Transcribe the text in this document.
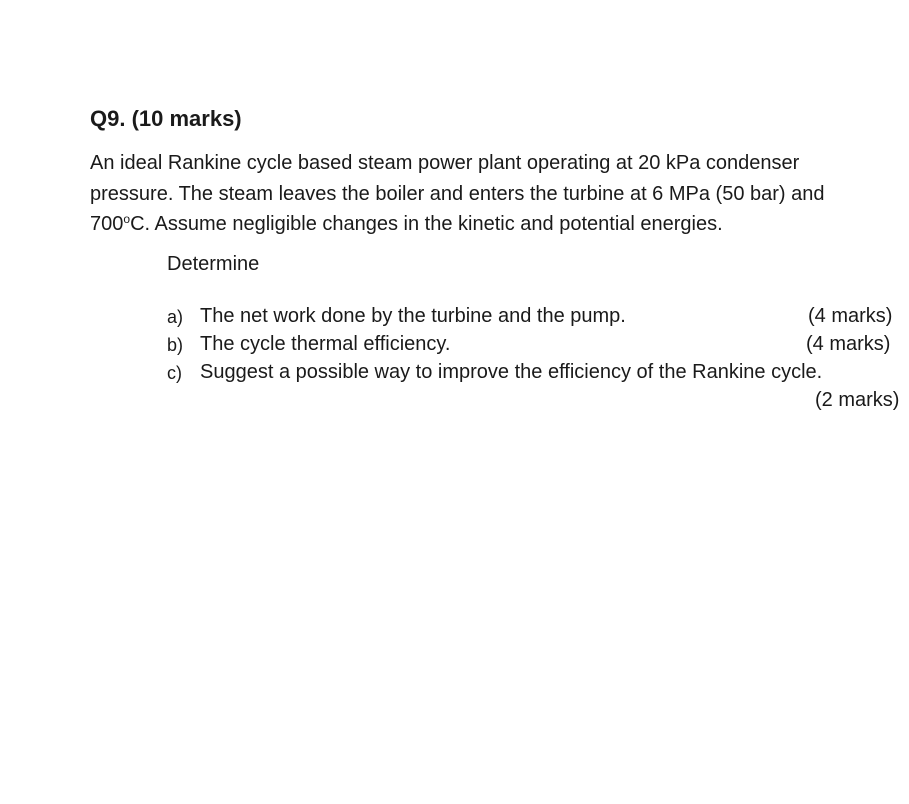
Q9. (10 marks)
An ideal Rankine cycle based steam power plant operating at 20 kPa condenser
pressure. The steam leaves the boiler and enters the turbine at 6 MPa (50 bar) and
700$^o$C. Assume negligible changes in the kinetic and potential energies.
Determine
a) The net work done by the turbine and the pump.	(4 marks)
b) The cycle thermal efficiency.	(4 marks)
c) Suggest a possible way to improve the efficiency of the Rankine cycle.
(2 marks)
